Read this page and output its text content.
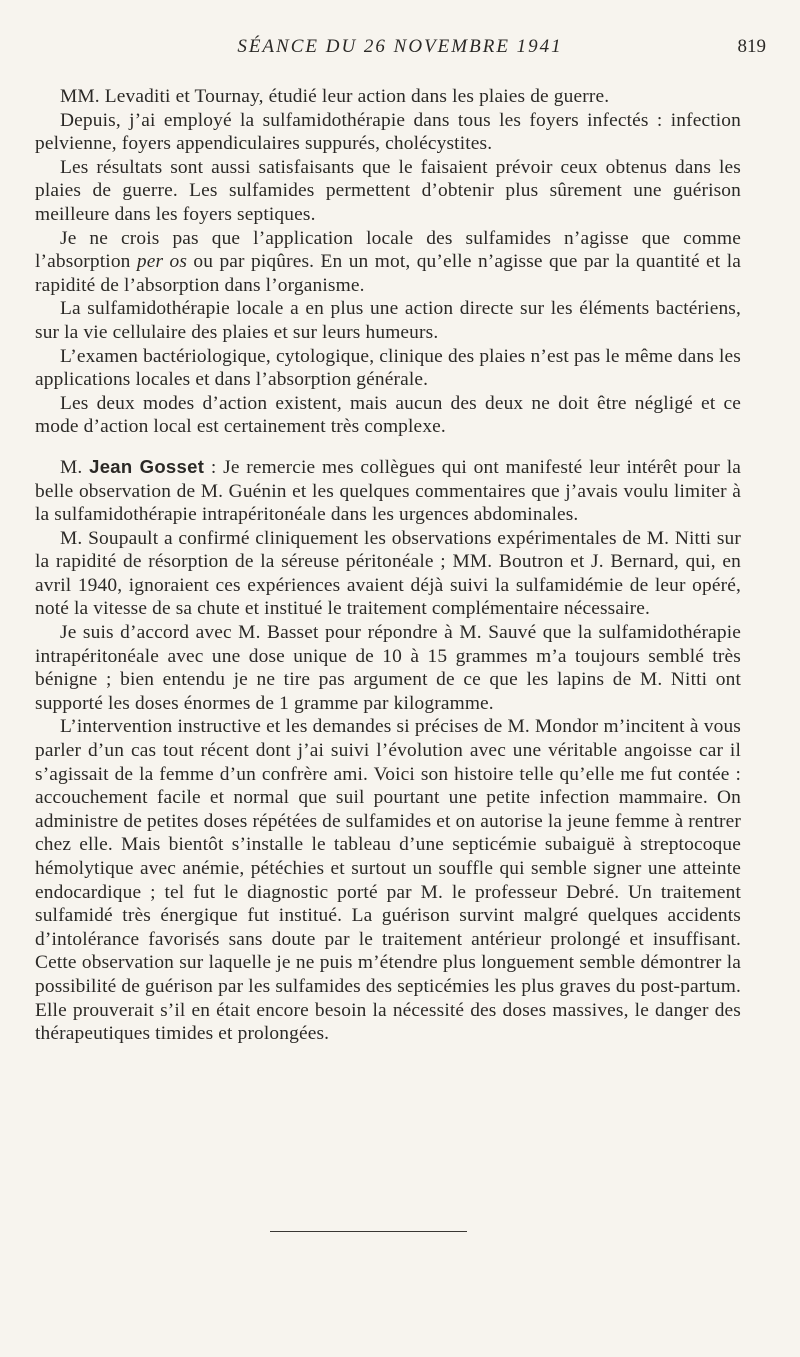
SÉANCE DU 26 NOVEMBRE 1941	819

MM. Levaditi et Tournay, étudié leur action dans les plaies de guerre.

Depuis, j’ai employé la sulfamidothérapie dans tous les foyers infectés : infection pelvienne, foyers appendiculaires suppurés, cholécystites.

Les résultats sont aussi satisfaisants que le faisaient prévoir ceux obtenus dans les plaies de guerre. Les sulfamides permettent d’obtenir plus sûrement une guérison meilleure dans les foyers septiques.

Je ne crois pas que l’application locale des sulfamides n’agisse que comme l’absorption per os ou par piqûres. En un mot, qu’elle n’agisse que par la quantité et la rapidité de l’absorption dans l’organisme.

La sulfamidothérapie locale a en plus une action directe sur les éléments bactériens, sur la vie cellulaire des plaies et sur leurs humeurs.

L’examen bactériologique, cytologique, clinique des plaies n’est pas le même dans les applications locales et dans l’absorption générale.

Les deux modes d’action existent, mais aucun des deux ne doit être négligé et ce mode d’action local est certainement très complexe.

M. Jean Gosset : Je remercie mes collègues qui ont manifesté leur intérêt pour la belle observation de M. Guénin et les quelques commentaires que j’avais voulu limiter à la sulfamidothérapie intrapéritonéale dans les urgences abdominales.

M. Soupault a confirmé cliniquement les observations expérimentales de M. Nitti sur la rapidité de résorption de la séreuse péritonéale ; MM. Boutron et J. Bernard, qui, en avril 1940, ignoraient ces expériences avaient déjà suivi la sulfamidémie de leur opéré, noté la vitesse de sa chute et institué le traitement complémentaire nécessaire.

Je suis d’accord avec M. Basset pour répondre à M. Sauvé que la sulfamidothérapie intrapéritonéale avec une dose unique de 10 à 15 grammes m’a toujours semblé très bénigne ; bien entendu je ne tire pas argument de ce que les lapins de M. Nitti ont supporté les doses énormes de 1 gramme par kilogramme.

L’intervention instructive et les demandes si précises de M. Mondor m’incitent à vous parler d’un cas tout récent dont j’ai suivi l’évolution avec une véritable angoisse car il s’agissait de la femme d’un confrère ami. Voici son histoire telle qu’elle me fut contée : accouchement facile et normal que suil pourtant une petite infection mammaire. On administre de petites doses répétées de sulfamides et on autorise la jeune femme à rentrer chez elle. Mais bientôt s’installe le tableau d’une septicémie subaiguë à streptocoque hémolytique avec anémie, pétéchies et surtout un souffle qui semble signer une atteinte endocardique ; tel fut le diagnostic porté par M. le professeur Debré. Un traitement sulfamidé très énergique fut institué. La guérison survint malgré quelques accidents d’intolérance favorisés sans doute par le traitement antérieur prolongé et insuffisant. Cette observation sur laquelle je ne puis m’étendre plus longuement semble démontrer la possibilité de guérison par les sulfamides des septicémies les plus graves du post-partum. Elle prouverait s’il en était encore besoin la nécessité des doses massives, le danger des thérapeutiques timides et prolongées.
